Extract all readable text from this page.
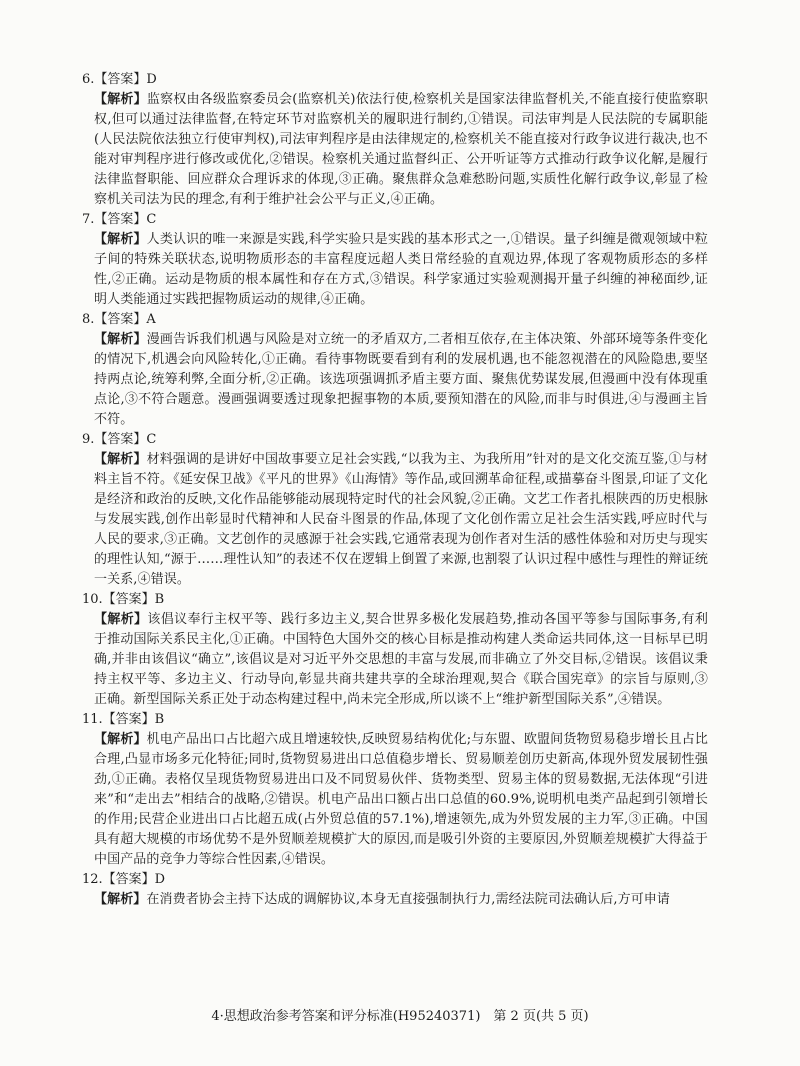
6.【答案】D
【解析】监察权由各级监察委员会(监察机关)依法行使,检察机关是国家法律监督机关,不能直接行使监察职权,但可以通过法律监督,在特定环节对监察机关的履职进行制约,①错误。司法审判是人民法院的专属职能(人民法院依法独立行使审判权),司法审判程序是由法律规定的,检察机关不能直接对行政争议进行裁决,也不能对审判程序进行修改或优化,②错误。检察机关通过监督纠正、公开听证等方式推动行政争议化解,是履行法律监督职能、回应群众合理诉求的体现,③正确。聚焦群众急难愁盼问题,实质性化解行政争议,彰显了检察机关司法为民的理念,有利于维护社会公平与正义,④正确。
7.【答案】C
【解析】人类认识的唯一来源是实践,科学实验只是实践的基本形式之一,①错误。量子纠缠是微观领域中粒子间的特殊关联状态,说明物质形态的丰富程度远超人类日常经验的直观边界,体现了客观物质形态的多样性,②正确。运动是物质的根本属性和存在方式,③错误。科学家通过实验观测揭开量子纠缠的神秘面纱,证明人类能通过实践把握物质运动的规律,④正确。
8.【答案】A
【解析】漫画告诉我们机遇与风险是对立统一的矛盾双方,二者相互依存,在主体决策、外部环境等条件变化的情况下,机遇会向风险转化,①正确。看待事物既要看到有利的发展机遇,也不能忽视潜在的风险隐患,要坚持两点论,统筹利弊,全面分析,②正确。该选项强调抓矛盾主要方面、聚焦优势谋发展,但漫画中没有体现重点论,③不符合题意。漫画强调要透过现象把握事物的本质,要预知潜在的风险,而非与时俱进,④与漫画主旨不符。
9.【答案】C
【解析】材料强调的是讲好中国故事要立足社会实践,“以我为主、为我所用”针对的是文化交流互鉴,①与材料主旨不符。《延安保卫战》《平凡的世界》《山海情》等作品,或回溯革命征程,或描摹奋斗图景,印证了文化是经济和政治的反映,文化作品能够能动展现特定时代的社会风貌,②正确。文艺工作者扎根陕西的历史根脉与发展实践,创作出彰显时代精神和人民奋斗图景的作品,体现了文化创作需立足社会生活实践,呼应时代与人民的要求,③正确。文艺创作的灵感源于社会实践,它通常表现为创作者对生活的感性体验和对历史与现实的理性认知,“源于……理性认知”的表述不仅在逻辑上倒置了来源,也割裂了认识过程中感性与理性的辩证统一关系,④错误。
10.【答案】B
【解析】该倡议奉行主权平等、践行多边主义,契合世界多极化发展趋势,推动各国平等参与国际事务,有利于推动国际关系民主化,①正确。中国特色大国外交的核心目标是推动构建人类命运共同体,这一目标早已明确,并非由该倡议“确立”,该倡议是对习近平外交思想的丰富与发展,而非确立了外交目标,②错误。该倡议秉持主权平等、多边主义、行动导向,彰显共商共建共享的全球治理观,契合《联合国宪章》的宗旨与原则,③正确。新型国际关系正处于动态构建过程中,尚未完全形成,所以谈不上“维护新型国际关系”,④错误。
11.【答案】B
【解析】机电产品出口占比超六成且增速较快,反映贸易结构优化;与东盟、欧盟间货物贸易稳步增长且占比合理,凸显市场多元化特征;同时,货物贸易进出口总值稳步增长、贸易顺差创历史新高,体现外贸发展韧性强劲,①正确。表格仅呈现货物贸易进出口及不同贸易伙伴、货物类型、贸易主体的贸易数据,无法体现“引进来”和“走出去”相结合的战略,②错误。机电产品出口额占出口总值的60.9%,说明机电类产品起到引领增长的作用;民营企业进出口占比超五成(占外贸总值的57.1%),增速领先,成为外贸发展的主力军,③正确。中国具有超大规模的市场优势不是外贸顺差规模扩大的原因,而是吸引外资的主要原因,外贸顺差规模扩大得益于中国产品的竞争力等综合性因素,④错误。
12.【答案】D
【解析】在消费者协会主持下达成的调解协议,本身无直接强制执行力,需经法院司法确认后,方可申请
4·思想政治参考答案和评分标准(H95240371)　第 2 页(共 5 页)
